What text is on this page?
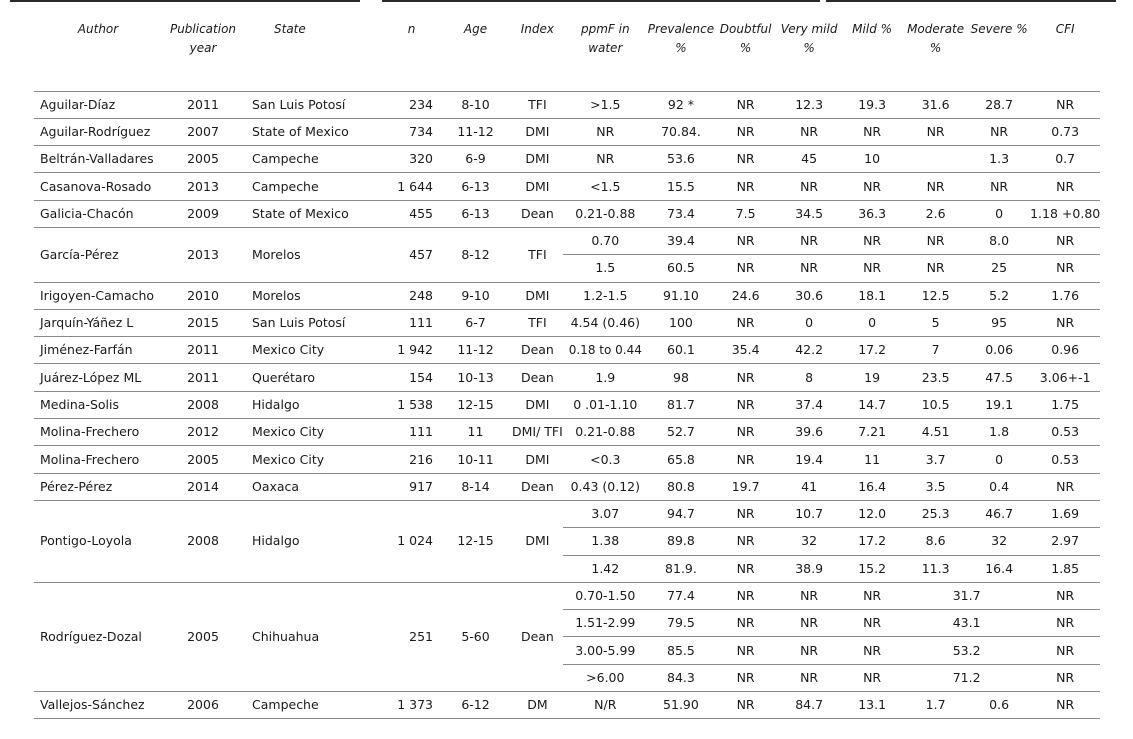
Author	Publication year	State	n	Age	Index	ppmF in water	Prevalence %	Doubtful %	Very mild %	Mild %	Moderate %	Severe %	CFI

Aguilar-Díaz	2011	San Luis Potosí	234	8-10	TFI	>1.5	92 *	NR	12.3	19.3	31.6	28.7	NR
Aguilar-Rodríguez	2007	State of Mexico	734	11-12	DMI	NR	70.84.	NR	NR	NR	NR	NR	0.73
Beltrán-Valladares	2005	Campeche	320	6-9	DMI	NR	53.6	NR	45	10		1.3	0.7
Casanova-Rosado	2013	Campeche	1 644	6-13	DMI	<1.5	15.5	NR	NR	NR	NR	NR	NR
Galicia-Chacón	2009	State of Mexico	455	6-13	Dean	0.21-0.88	73.4	7.5	34.5	36.3	2.6	0	1.18 +0.80
García-Pérez	2013	Morelos	457	8-12	TFI	0.70	39.4	NR	NR	NR	NR	8.0	NR
						1.5	60.5	NR	NR	NR	NR	25	NR
Irigoyen-Camacho	2010	Morelos	248	9-10	DMI	1.2-1.5	91.10	24.6	30.6	18.1	12.5	5.2	1.76
Jarquín-Yáñez L	2015	San Luis Potosí	111	6-7	TFI	4.54 (0.46)	100	NR	0	0	5	95	NR
Jiménez-Farfán	2011	Mexico City	1 942	11-12	Dean	0.18 to 0.44	60.1	35.4	42.2	17.2	7	0.06	0.96
Juárez-López ML	2011	Querétaro	154	10-13	Dean	1.9	98	NR	8	19	23.5	47.5	3.06+-1
Medina-Solis	2008	Hidalgo	1 538	12-15	DMI	0 .01-1.10	81.7	NR	37.4	14.7	10.5	19.1	1.75
Molina-Frechero	2012	Mexico City	111	11	DMI/ TFI	0.21-0.88	52.7	NR	39.6	7.21	4.51	1.8	0.53
Molina-Frechero	2005	Mexico City	216	10-11	DMI	<0.3	65.8	NR	19.4	11	3.7	0	0.53
Pérez-Pérez	2014	Oaxaca	917	8-14	Dean	0.43 (0.12)	80.8	19.7	41	16.4	3.5	0.4	NR
Pontigo-Loyola	2008	Hidalgo	1 024	12-15	DMI	3.07	94.7	NR	10.7	12.0	25.3	46.7	1.69
						1.38	89.8	NR	32	17.2	8.6	32	2.97
						1.42	81.9.	NR	38.9	15.2	11.3	16.4	1.85
Rodríguez-Dozal	2005	Chihuahua	251	5-60	Dean	0.70-1.50	77.4	NR	NR	NR	31.7		NR
						1.51-2.99	79.5	NR	NR	NR	43.1		NR
						3.00-5.99	85.5	NR	NR	NR	53.2		NR
						>6.00	84.3	NR	NR	NR	71.2		NR
Vallejos-Sánchez	2006	Campeche	1 373	6-12	DM	N/R	51.90	NR	84.7	13.1	1.7	0.6	NR
